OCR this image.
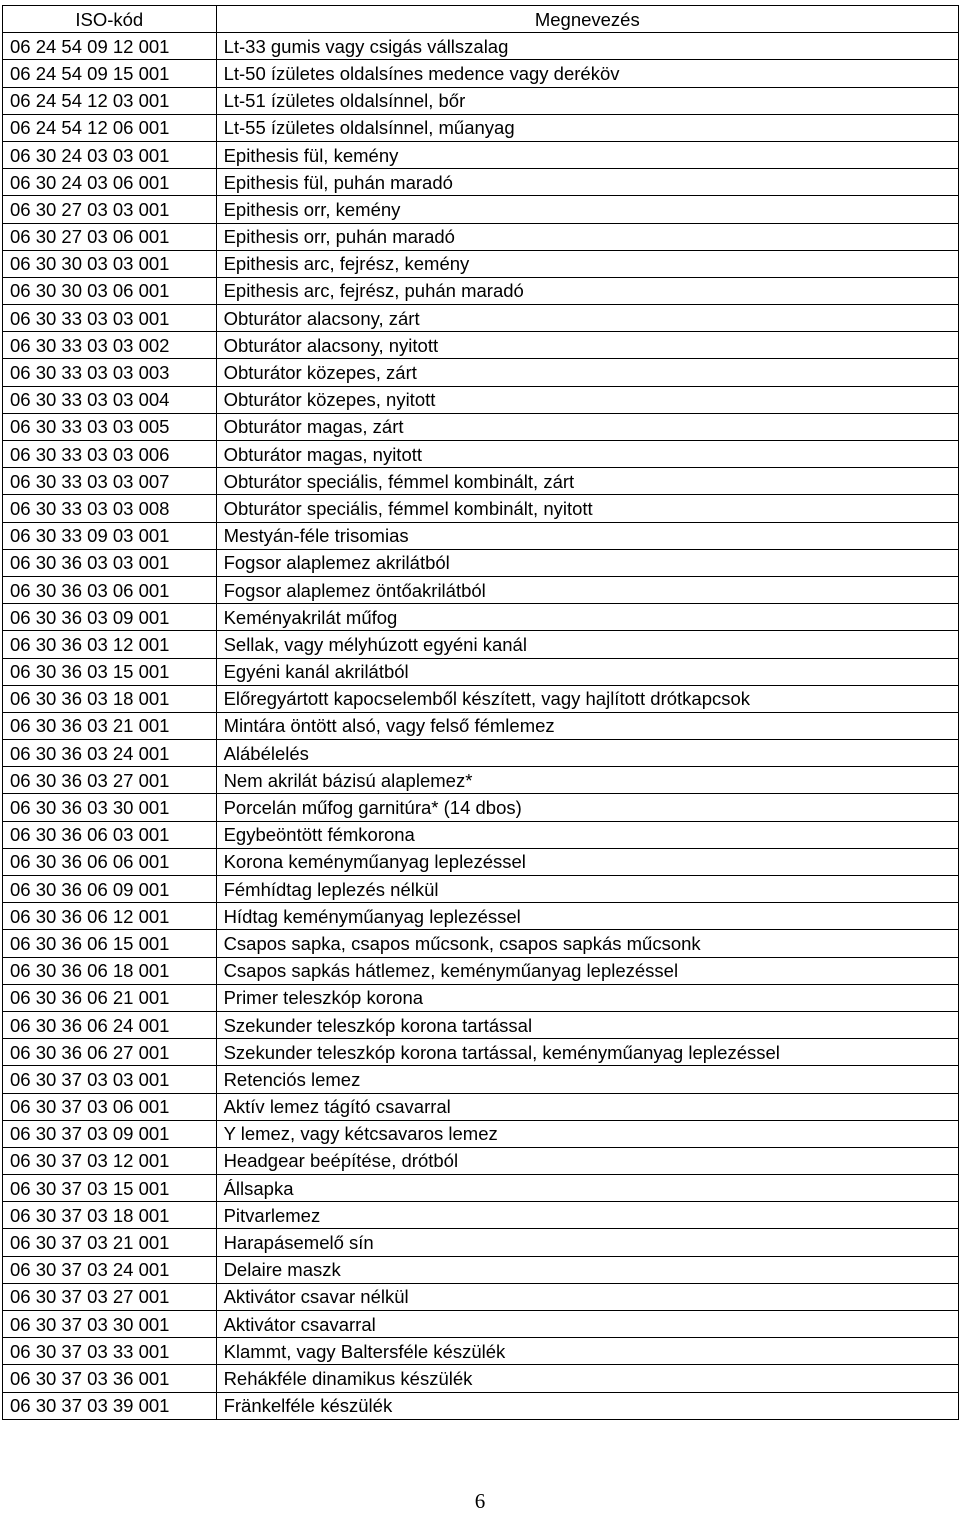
ISO-kód	Megnevezés
06 24 54 09 12 001	Lt-33 gumis vagy csigás vállszalag
06 24 54 09 15 001	Lt-50 ízületes oldalsínes medence vagy deréköv
06 24 54 12 03 001	Lt-51 ízületes oldalsínnel, bőr
06 24 54 12 06 001	Lt-55 ízületes oldalsínnel, műanyag
06 30 24 03 03 001	Epithesis fül, kemény
06 30 24 03 06 001	Epithesis fül, puhán maradó
06 30 27 03 03 001	Epithesis orr, kemény
06 30 27 03 06 001	Epithesis orr, puhán maradó
06 30 30 03 03 001	Epithesis arc, fejrész, kemény
06 30 30 03 06 001	Epithesis arc, fejrész, puhán maradó
06 30 33 03 03 001	Obturátor alacsony, zárt
06 30 33 03 03 002	Obturátor alacsony, nyitott
06 30 33 03 03 003	Obturátor közepes, zárt
06 30 33 03 03 004	Obturátor közepes, nyitott
06 30 33 03 03 005	Obturátor magas, zárt
06 30 33 03 03 006	Obturátor magas, nyitott
06 30 33 03 03 007	Obturátor speciális, fémmel kombinált, zárt
06 30 33 03 03 008	Obturátor speciális, fémmel kombinált, nyitott
06 30 33 09 03 001	Mestyán-féle trisomias
06 30 36 03 03 001	Fogsor alaplemez akrilátból
06 30 36 03 06 001	Fogsor alaplemez öntőakrilátból
06 30 36 03 09 001	Keményakrilát műfog
06 30 36 03 12 001	Sellak, vagy mélyhúzott egyéni kanál
06 30 36 03 15 001	Egyéni kanál akrilátból
06 30 36 03 18 001	Előregyártott kapocselemből készített, vagy hajlított drótkapcsok
06 30 36 03 21 001	Mintára öntött alsó, vagy felső fémlemez
06 30 36 03 24 001	Alábélelés
06 30 36 03 27 001	Nem akrilát bázisú alaplemez*
06 30 36 03 30 001	Porcelán műfog garnitúra* (14 dbos)
06 30 36 06 03 001	Egybeöntött fémkorona
06 30 36 06 06 001	Korona keményműanyag leplezéssel
06 30 36 06 09 001	Fémhídtag leplezés nélkül
06 30 36 06 12 001	Hídtag keményműanyag leplezéssel
06 30 36 06 15 001	Csapos sapka, csapos műcsonk, csapos sapkás műcsonk
06 30 36 06 18 001	Csapos sapkás hátlemez, keményműanyag leplezéssel
06 30 36 06 21 001	Primer teleszkóp korona
06 30 36 06 24 001	Szekunder teleszkóp korona tartással
06 30 36 06 27 001	Szekunder teleszkóp korona tartással, keményműanyag leplezéssel
06 30 37 03 03 001	Retenciós lemez
06 30 37 03 06 001	Aktív lemez tágító csavarral
06 30 37 03 09 001	Y lemez, vagy kétcsavaros lemez
06 30 37 03 12 001	Headgear beépítése, drótból
06 30 37 03 15 001	Állsapka
06 30 37 03 18 001	Pitvarlemez
06 30 37 03 21 001	Harapásemelő sín
06 30 37 03 24 001	Delaire maszk
06 30 37 03 27 001	Aktivátor csavar nélkül
06 30 37 03 30 001	Aktivátor csavarral
06 30 37 03 33 001	Klammt, vagy Baltersféle készülék
06 30 37 03 36 001	Rehákféle dinamikus készülék
06 30 37 03 39 001	Fränkelféle készülék
6
